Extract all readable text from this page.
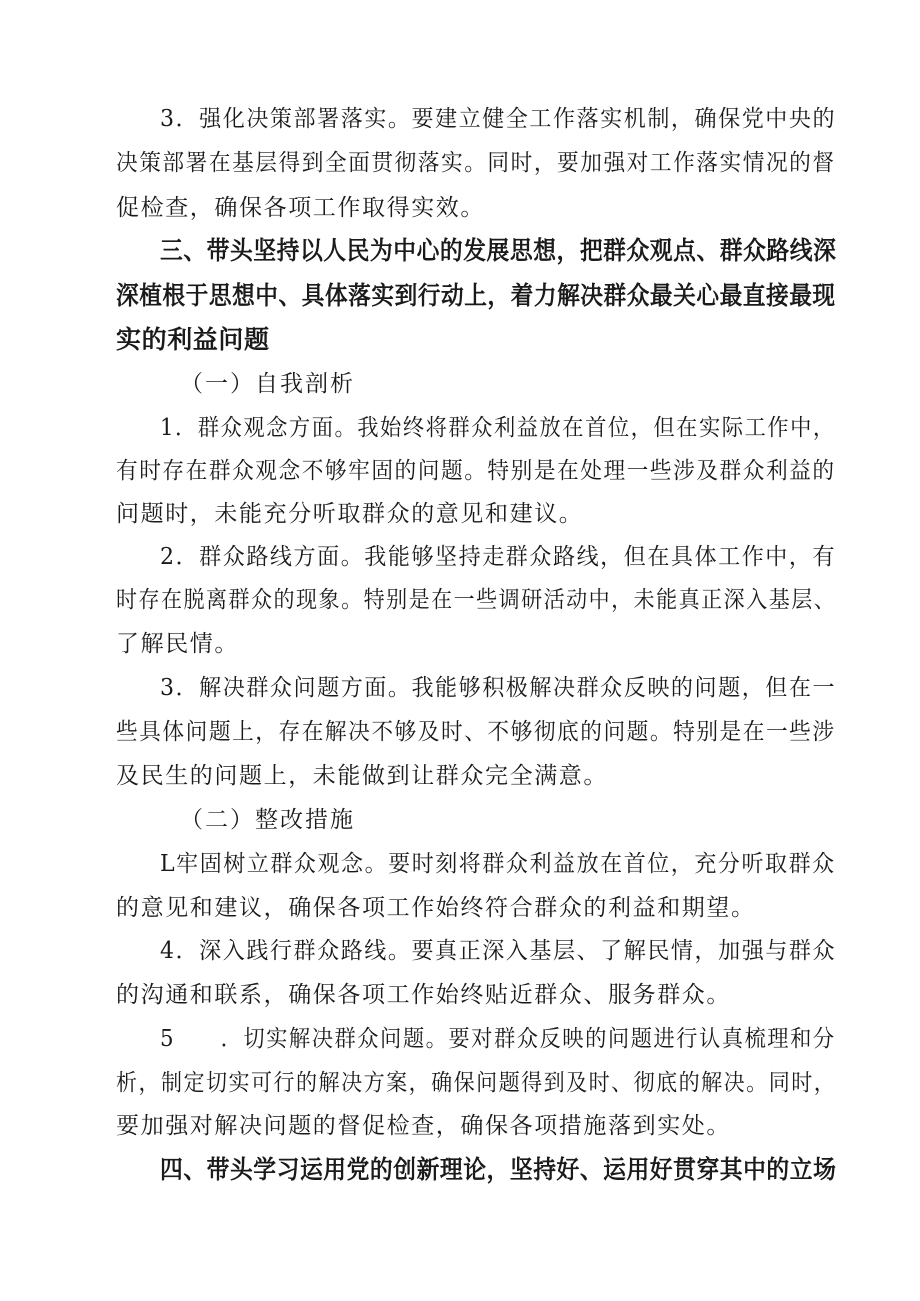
3．强化决策部署落实。要建立健全工作落实机制，确保党中央的
决策部署在基层得到全面贯彻落实。同时，要加强对工作落实情况的督
促检查，确保各项工作取得实效。
三、带头坚持以人民为中心的发展思想，把群众观点、群众路线深
深植根于思想中、具体落实到行动上，着力解决群众最关心最直接最现
实的利益问题
（一）自我剖析
1．群众观念方面。我始终将群众利益放在首位，但在实际工作中，
有时存在群众观念不够牢固的问题。特别是在处理一些涉及群众利益的
问题时，未能充分听取群众的意见和建议。
2．群众路线方面。我能够坚持走群众路线，但在具体工作中，有
时存在脱离群众的现象。特别是在一些调研活动中，未能真正深入基层、
了解民情。
3．解决群众问题方面。我能够积极解决群众反映的问题，但在一
些具体问题上，存在解决不够及时、不够彻底的问题。特别是在一些涉
及民生的问题上，未能做到让群众完全满意。
（二）整改措施
L牢固树立群众观念。要时刻将群众利益放在首位，充分听取群众
的意见和建议，确保各项工作始终符合群众的利益和期望。
4．深入践行群众路线。要真正深入基层、了解民情，加强与群众
的沟通和联系，确保各项工作始终贴近群众、服务群众。
5　　．切实解决群众问题。要对群众反映的问题进行认真梳理和分
析，制定切实可行的解决方案，确保问题得到及时、彻底的解决。同时，
要加强对解决问题的督促检查，确保各项措施落到实处。
四、带头学习运用党的创新理论，坚持好、运用好贯穿其中的立场
